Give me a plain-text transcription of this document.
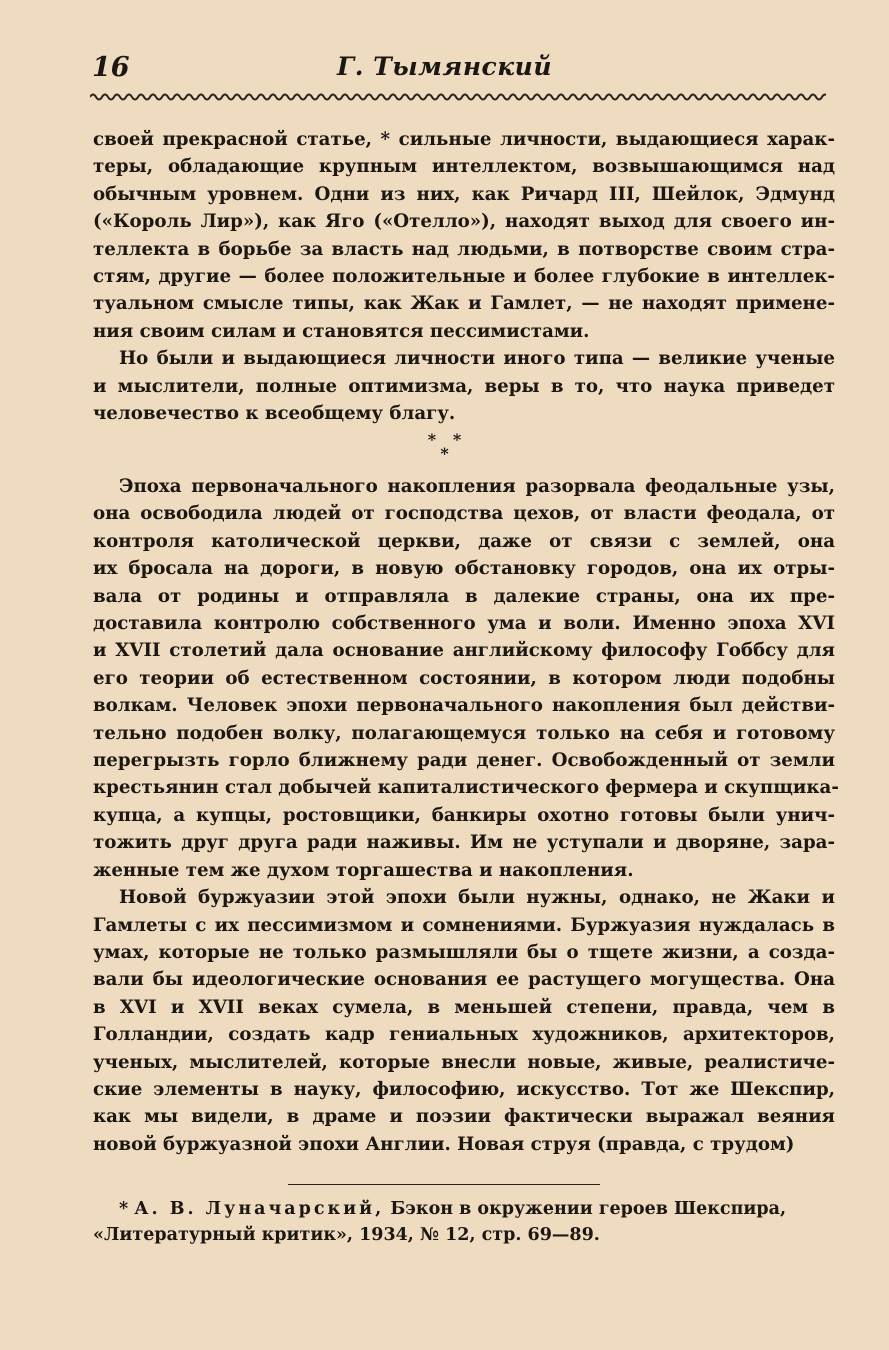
16	Г. Тымянский
своей прекрасной статье, * сильные личности, выдающиеся харак-
теры, обладающие крупным интеллектом, возвышающимся над
обычным уровнем. Одни из них, как Ричард III, Шейлок, Эдмунд
(«Король Лир»), как Яго («Отелло»), находят выход для своего ин-
теллекта в борьбе за власть над людьми, в потворстве своим стра-
стям, другие — более положительные и более глубокие в интеллек-
туальном смысле типы, как Жак и Гамлет, — не находят примене-
ния своим силам и становятся пессимистами.
Но были и выдающиеся личности иного типа — великие ученые
и мыслители, полные оптимизма, веры в то, что наука приведет
человечество к всеобщему благу.
*   *
*
Эпоха первоначального накопления разорвала феодальные узы,
она освободила людей от господства цехов, от власти феодала, от
контроля католической церкви, даже от связи с землей, она
их бросала на дороги, в новую обстановку городов, она их отры-
вала от родины и отправляла в далекие страны, она их пре-
доставила контролю собственного ума и воли. Именно эпоха XVI
и XVII столетий дала основание английскому философу Гоббсу для
его теории об естественном состоянии, в котором люди подобны
волкам. Человек эпохи первоначального накопления был действи-
тельно подобен волку, полагающемуся только на себя и готовому
перегрызть горло ближнему ради денег. Освобожденный от земли
крестьянин стал добычей капиталистического фермера и скупщика-
купца, а купцы, ростовщики, банкиры охотно готовы были унич-
тожить друг друга ради наживы. Им не уступали и дворяне, зара-
женные тем же духом торгашества и накопления.
Новой буржуазии этой эпохи были нужны, однако, не Жаки и
Гамлеты с их пессимизмом и сомнениями. Буржуазия нуждалась в
умах, которые не только размышляли бы о тщете жизни, а созда-
вали бы идеологические основания ее растущего могущества. Она
в XVI и XVII веках сумела, в меньшей степени, правда, чем в
Голландии, создать кадр гениальных художников, архитекторов,
ученых, мыслителей, которые внесли новые, живые, реалистиче-
ские элементы в науку, философию, искусство. Тот же Шекспир,
как мы видели, в драме и поэзии фактически выражал веяния
новой буржуазной эпохи Англии. Новая струя (правда, с трудом)
* А. В. Луначарский, Бэкон в окружении героев Шекспира,
«Литературный критик», 1934, № 12, стр. 69—89.
